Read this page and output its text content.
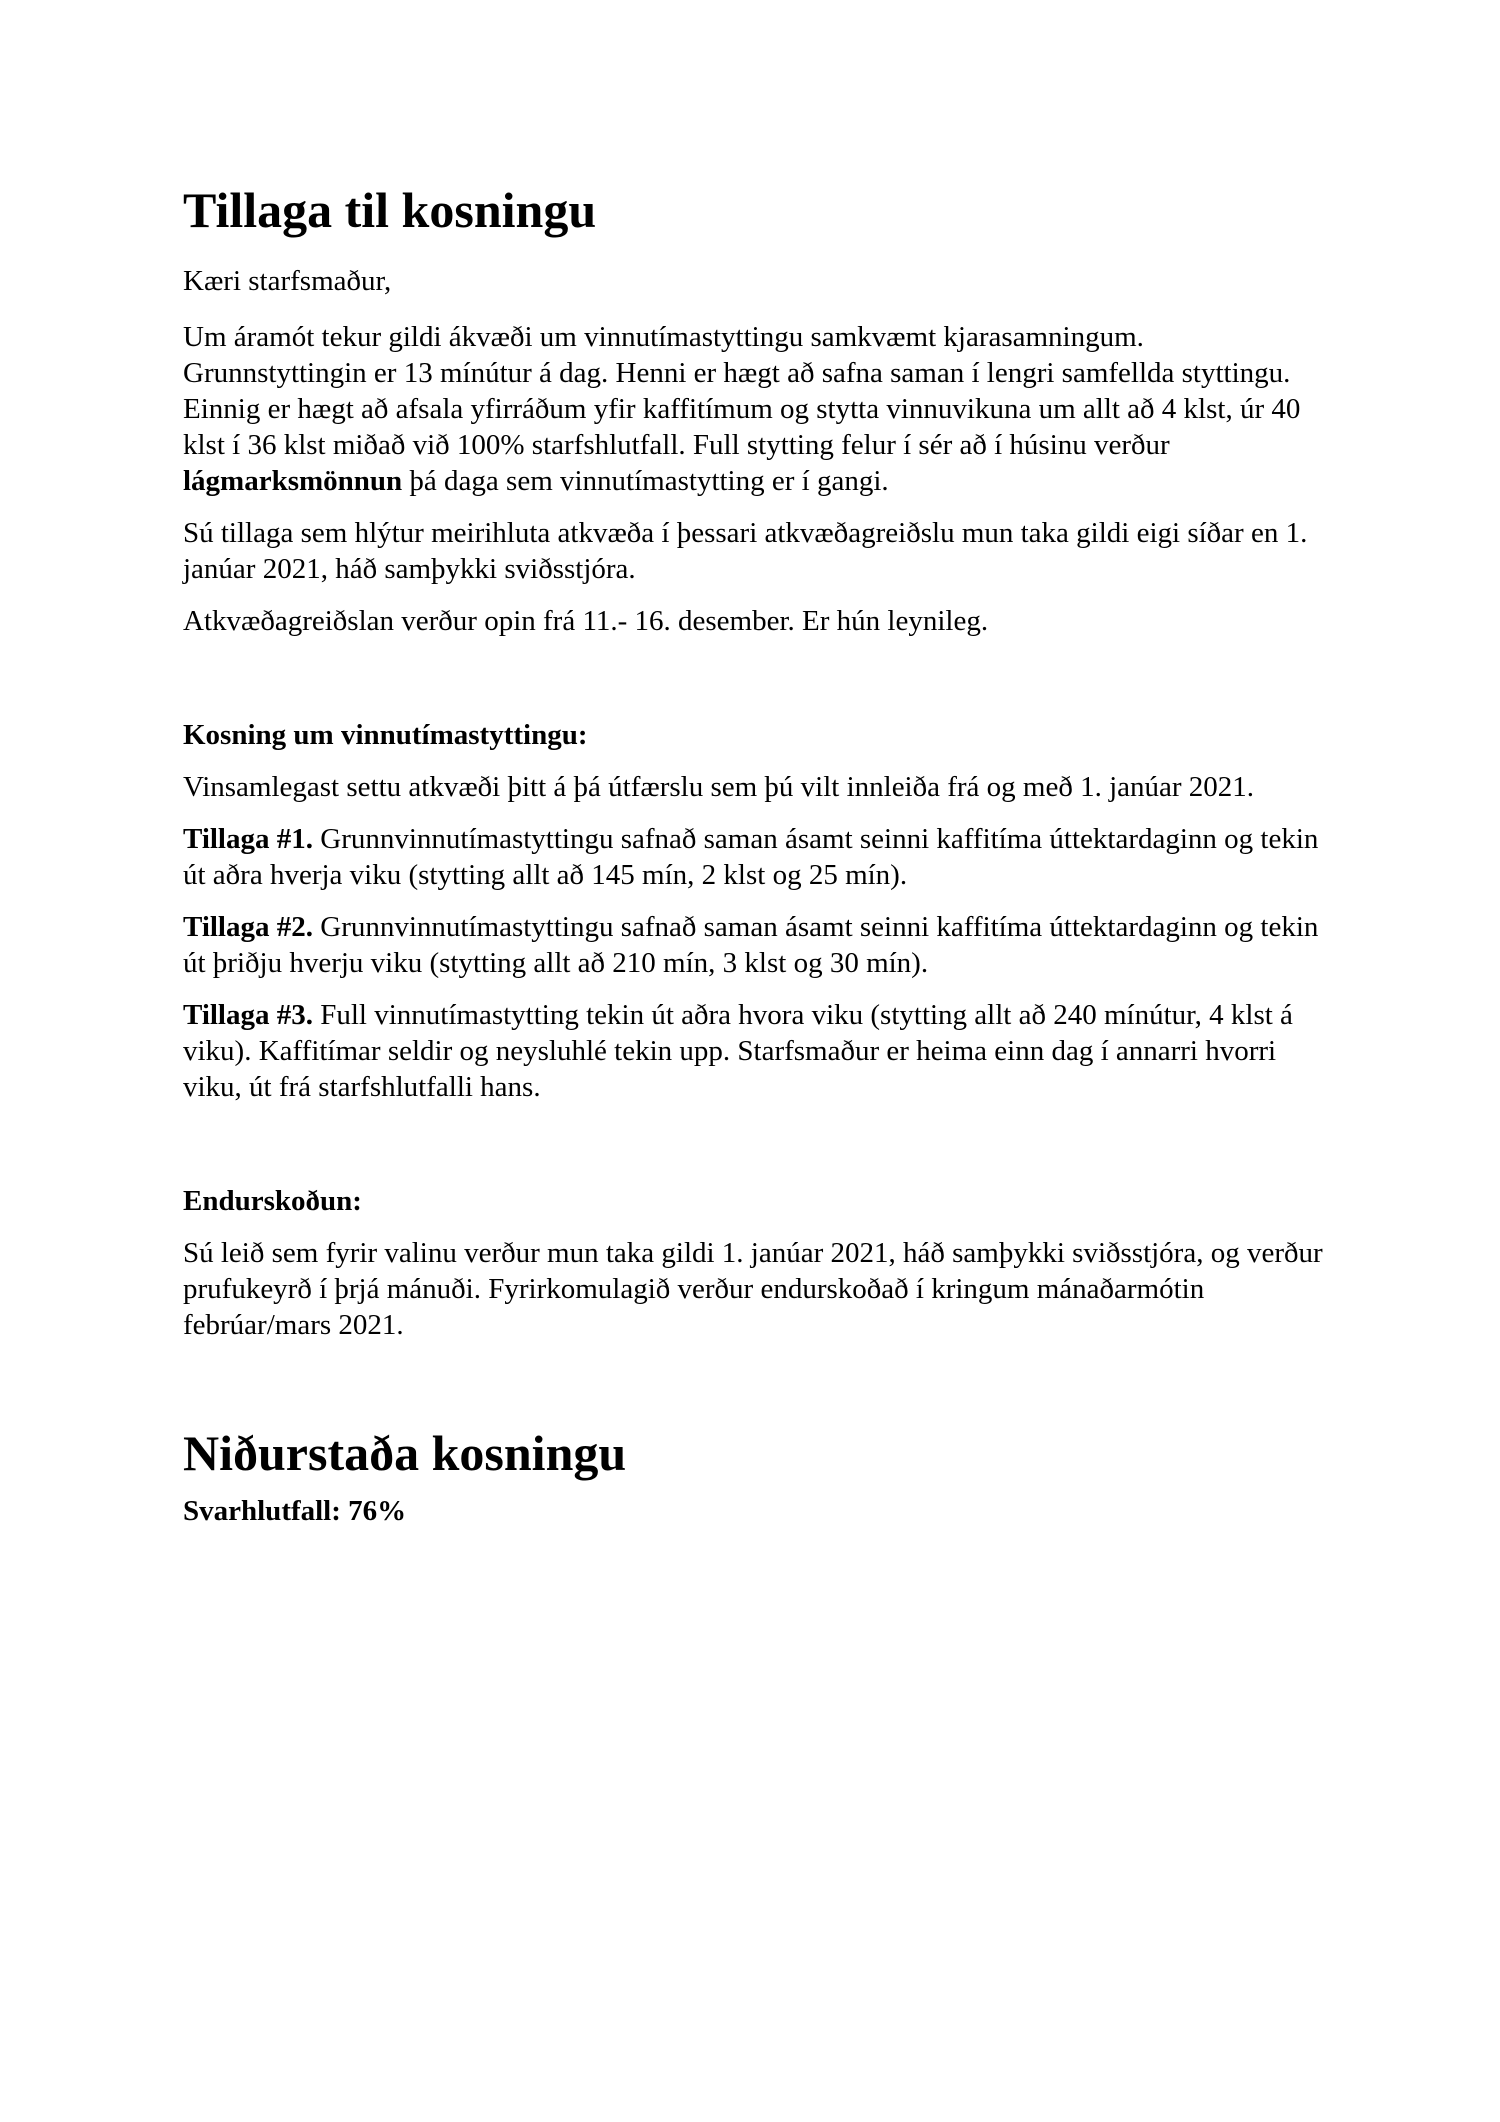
Tillaga til kosningu

Kæri starfsmaður,

Um áramót tekur gildi ákvæði um vinnutímastyttingu samkvæmt kjarasamningum. Grunnstyttingin er 13 mínútur á dag. Henni er hægt að safna saman í lengri samfellda styttingu. Einnig er hægt að afsala yfirráðum yfir kaffitímum og stytta vinnuvikuna um allt að 4 klst, úr 40 klst í 36 klst miðað við 100% starfshlutfall. Full stytting felur í sér að í húsinu verður lágmarksmönnun þá daga sem vinnutímastytting er í gangi.

Sú tillaga sem hlýtur meirihluta atkvæða í þessari atkvæðagreiðslu mun taka gildi eigi síðar en 1. janúar 2021, háð samþykki sviðsstjóra.

Atkvæðagreiðslan verður opin frá 11.- 16. desember. Er hún leynileg.

Kosning um vinnutímastyttingu:

Vinsamlegast settu atkvæði þitt á þá útfærslu sem þú vilt innleiða frá og með 1. janúar 2021.

Tillaga #1. Grunnvinnutímastyttingu safnað saman ásamt seinni kaffitíma úttektardaginn og tekin út aðra hverja viku (stytting allt að 145 mín, 2 klst og 25 mín).

Tillaga #2. Grunnvinnutímastyttingu safnað saman ásamt seinni kaffitíma úttektardaginn og tekin út þriðju hverju viku (stytting allt að 210 mín, 3 klst og 30 mín).

Tillaga #3. Full vinnutímastytting tekin út aðra hvora viku (stytting allt að 240 mínútur, 4 klst á viku). Kaffitímar seldir og neysluhlé tekin upp. Starfsmaður er heima einn dag í annarri hvorri viku, út frá starfshlutfalli hans.

Endurskoðun:

Sú leið sem fyrir valinu verður mun taka gildi 1. janúar 2021, háð samþykki sviðsstjóra, og verður prufukeyrð í þrjá mánuði. Fyrirkomulagið verður endurskoðað í kringum mánaðarmótin febrúar/mars 2021.

Niðurstaða kosningu

Svarhlutfall: 76%
